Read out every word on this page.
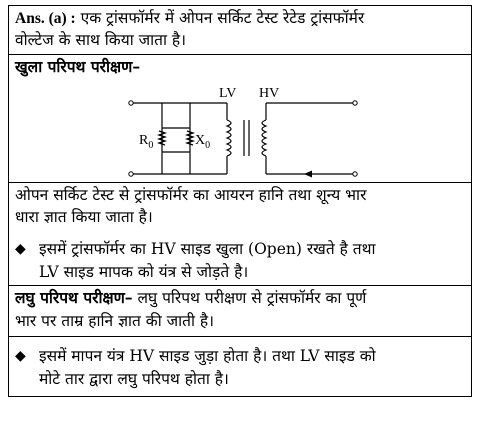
Ans. (a) : एक ट्रांसफॉर्मर में ओपन सर्किट टेस्ट रेटेड ट्रांसफॉर्मर
वोल्टेज के साथ किया जाता है।
खुला परिपथ परीक्षण–
$R_0$	$X_0$
LV HV
ओपन सर्किट टेस्ट से ट्रांसफॉर्मर का आयरन हानि तथा शून्य भार
धारा ज्ञात किया जाता है।
◆ इसमें ट्रांसफॉर्मर का HV साइड खुला (Open) रखते है तथा
LV साइड मापक को यंत्र से जोड़ते है।
लघु परिपथ परीक्षण– लघु परिपथ परीक्षण से ट्रांसफॉर्मर का पूर्ण
भार पर ताम्र हानि ज्ञात की जाती है।
◆ इसमें मापन यंत्र HV साइड जुड़ा होता है। तथा LV साइड को
मोटे तार द्वारा लघु परिपथ होता है।
